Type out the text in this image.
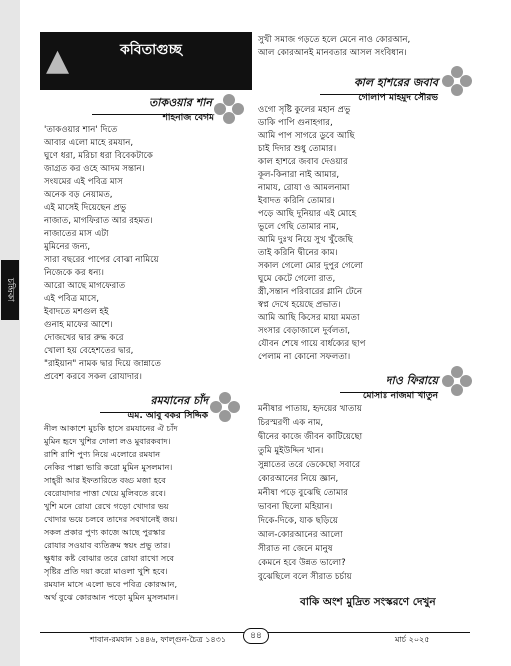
চন্দ্রিকা
▲	কবিতাগুচ্ছ
তাকওয়ার শান
শাহনাজ বেগম
'তাকওয়ার শান' দিতে
আবার এলো মাহে রমযান,
ঘুণে ধরা, মরিচা ধরা বিবেকটাকে
জাগ্রত কর ওহে আদম সন্তান।
সংযমের এই পবিত্র মাস
অনেক বড় নেয়ামত,
এই মাসেই দিয়েছেন প্রভু
নাজাত, মাগফিরাত আর রহমত।
নাজাতের মাস এটা
মুমিনের জন্য,
সারা বছরের পাপের বোঝা নামিয়ে
নিজেকে কর ধন্য।
আরো আছে মাগফেরাত
এই পবিত্র মাসে,
ইবাদতে মশগুল হই
গুনাহ মাফের আশে।
দোজখের দ্বার রুদ্ধ করে
খোলা হয় বেহেশতের দ্বার,
"রাইয়ান" নামক দ্বার দিয়ে জান্নাতে
প্রবেশ করবে সকল রোযাদার।
রমযানের চাঁদ
এম. আবু বকর সিদ্দিক
নীল আকাশে মুচকি হাসে রমযানের ঐ চাঁদ
মুমিন হৃদে খুশির দোলা লও মুবারকবাদ।
রাশি রাশি পুণ্য নিয়ে এলোরে রমযান
নেকির পাল্লা ভারি করো মুমিন মুসলমান।
সাহ্‌রী আর ইফতারিতে বড্ড মজা হবে
বেরোযাদার পাত্তা খেয়ে মুলিবতে রবে।
খুশি মনে রোযা রেখে গড়ো খোদার ভয়
খোদার ভয়ে চলবে তাদের সবখানেই জয়।
সকল প্রকার পুণ্য কাজে আছে পুরস্কার
রোযার সওয়াব ব্যতিক্রম স্বয়ং প্রভু তার।
ক্ষুধার কষ্ট বোঝার তরে রোযা রাখো সবে
সৃষ্টির প্রতি দয়া করো মাওলা খুশি হবে।
রমযান মাসে এলো ভবে পবিত্র কোরআন,
অর্থ বুঝে কোরআন পড়ো মুমিন মুসলমান।
সুখী সমাজ গড়তে হলে মেনে নাও কোরআন,
আল কোরআনই মানবতার আসল সংবিধান।
কাল হাশরের জবাব
গোলাপ মাহমুদ সৌরভ
ওগো সৃষ্টি কুলের মহান প্রভু
ডাকি পাপি গুনাহগার,
আমি পাপ সাগরে ডুবে আছি
চাই দিদার শুধু তোমার।
কাল হাশরে জবাব দেওয়ার
কূল-কিনারা নাই আমার,
নামায, রোযা ও আমলনামা
ইবাদত করিনি তোমার।
পড়ে আছি দুনিয়ার এই মোহে
ভুলে গেছি তোমার নাম,
আমি দুঃখ নিয়ে সুখ খুঁজেছি
তাই করিনি দ্বীনের কাম।
সকাল গেলো মোর দুপুর গেলো
ঘুমে কেটে গেলো রাত,
স্ত্রী,সন্তান পরিবারের গ্লানি টেনে
স্বপ্ন দেখে হয়েছে প্রভাত।
আমি আছি কিসের মায়া মমতা
সংসার বেড়াজালে দুর্বলতা,
যৌবন শেষে গায়ে বার্ধক্যের ছাপ
পেলাম না কোনো সফলতা।
দাও ফিরায়ে
মোসাঃ নাজমা খাতুন
মনীষার পাতায়, হৃদয়ের খাতায়
চিরস্মরণী এক নাম,
দ্বীনের কাজে জীবন কাটিয়েছো
তুমি মুইউদ্দিন খান।
সুন্নাতের তরে ডেকেছো সবারে
কোরআনের নিয়ে জ্ঞান,
মনীষা পড়ে বুঝেছি তোমার
ভাবনা ছিলো মহিয়ান।
দিকে-দিকে, যাক ছড়িয়ে
আল-কোরআনের আলো
সীরাত না জেনে মানুষ
কেমনে হবে উন্নত ভালো?
বুঝেছিলে বলে সীরাত চর্চায়
বাকি অংশ মুদ্রিত সংস্করণে দেখুন
শাবান-রমযান ১৪৪৬, ফাল্গুন-চৈত্র ১৪৩১	৪৪	মার্চ ২০২৫
